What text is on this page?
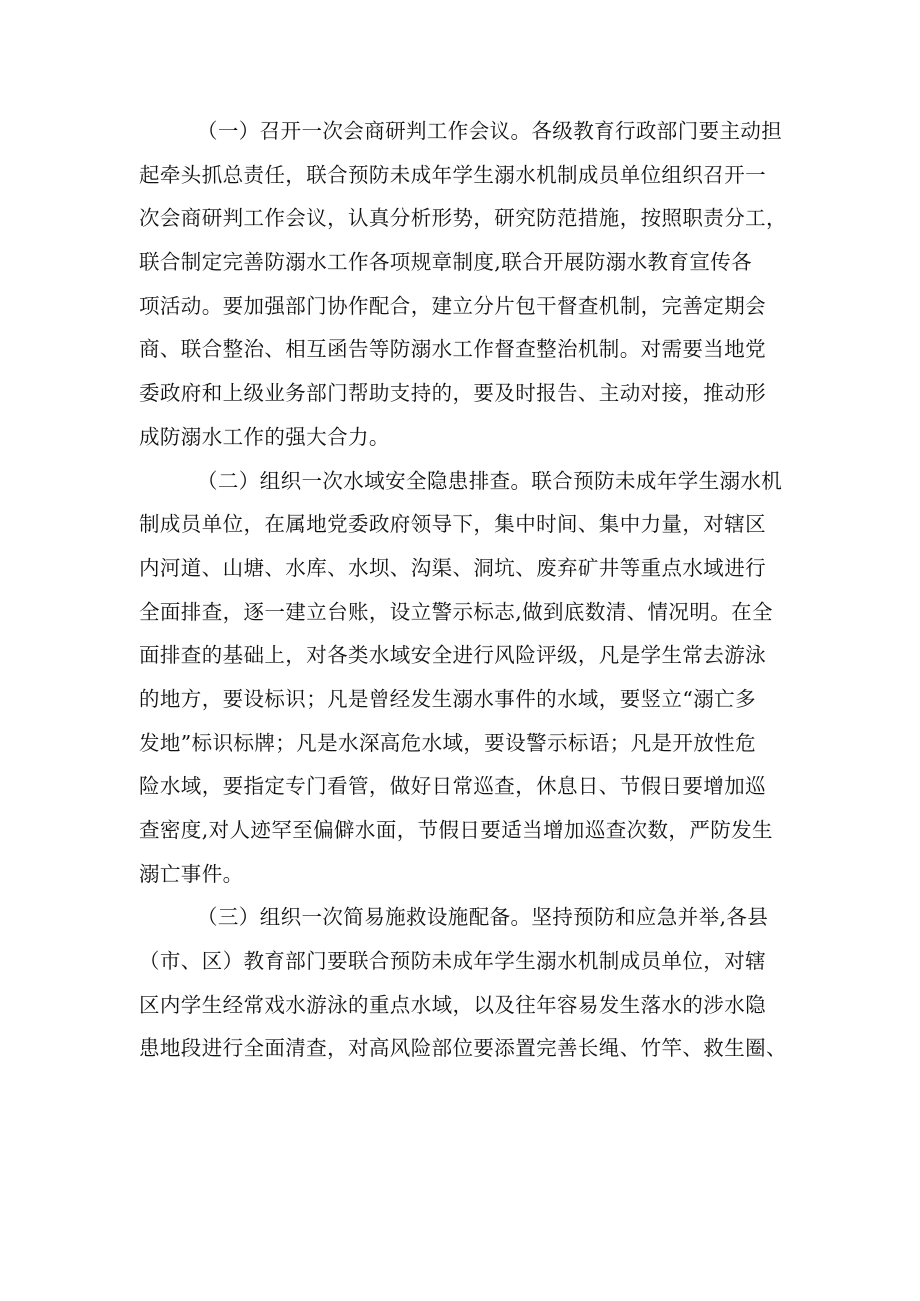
（一）召开一次会商研判工作会议。各级教育行政部门要主动担
起牵头抓总责任，联合预防未成年学生溺水机制成员单位组织召开一
次会商研判工作会议，认真分析形势，研究防范措施，按照职责分工，
联合制定完善防溺水工作各项规章制度,联合开展防溺水教育宣传各
项活动。要加强部门协作配合，建立分片包干督查机制，完善定期会
商、联合整治、相互函告等防溺水工作督查整治机制。对需要当地党
委政府和上级业务部门帮助支持的，要及时报告、主动对接，推动形
成防溺水工作的强大合力。
（二）组织一次水域安全隐患排查。联合预防未成年学生溺水机
制成员单位，在属地党委政府领导下，集中时间、集中力量，对辖区
内河道、山塘、水库、水坝、沟渠、洞坑、废弃矿井等重点水域进行
全面排查，逐一建立台账，设立警示标志,做到底数清、情况明。在全
面排查的基础上，对各类水域安全进行风险评级，凡是学生常去游泳
的地方，要设标识；凡是曾经发生溺水事件的水域，要竖立“溺亡多
发地”标识标牌；凡是水深高危水域，要设警示标语；凡是开放性危
险水域，要指定专门看管，做好日常巡查，休息日、节假日要增加巡
查密度,对人迹罕至偏僻水面，节假日要适当增加巡查次数，严防发生
溺亡事件。
（三）组织一次简易施救设施配备。坚持预防和应急并举,各县
（市、区）教育部门要联合预防未成年学生溺水机制成员单位，对辖
区内学生经常戏水游泳的重点水域，以及往年容易发生落水的涉水隐
患地段进行全面清查，对高风险部位要添置完善长绳、竹竿、救生圈、
